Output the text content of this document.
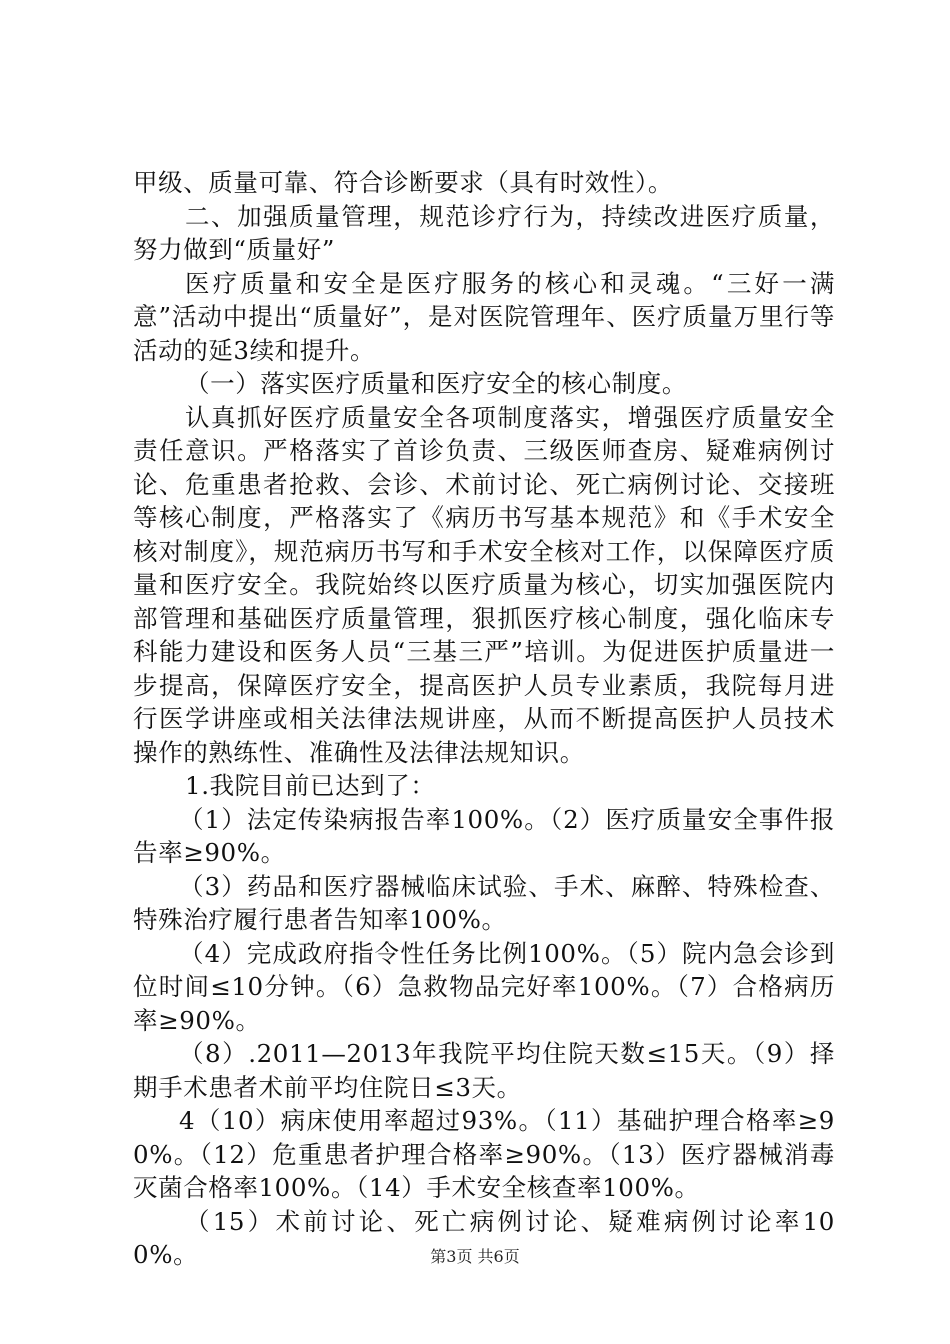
甲级、质量可靠、符合诊断要求（具有时效性）。

二、加强质量管理，规范诊疗行为，持续改进医疗质量，努力做到“质量好”

医疗质量和安全是医疗服务的核心和灵魂。“三好一满意”活动中提出“质量好”，是对医院管理年、医疗质量万里行等活动的延3续和提升。

（一）落实医疗质量和医疗安全的核心制度。

认真抓好医疗质量安全各项制度落实，增强医疗质量安全责任意识。严格落实了首诊负责、三级医师查房、疑难病例讨论、危重患者抢救、会诊、术前讨论、死亡病例讨论、交接班等核心制度，严格落实了《病历书写基本规范》和《手术安全核对制度》，规范病历书写和手术安全核对工作，以保障医疗质量和医疗安全。我院始终以医疗质量为核心，切实加强医院内部管理和基础医疗质量管理，狠抓医疗核心制度，强化临床专科能力建设和医务人员“三基三严”培训。为促进医护质量进一步提高，保障医疗安全，提高医护人员专业素质，我院每月进行医学讲座或相关法律法规讲座，从而不断提高医护人员技术操作的熟练性、准确性及法律法规知识。

1.我院目前已达到了：

（1）法定传染病报告率100%。（2）医疗质量安全事件报告率≥90%。

（3）药品和医疗器械临床试验、手术、麻醉、特殊检查、特殊治疗履行患者告知率100%。

（4）完成政府指令性任务比例100%。（5）院内急会诊到位时间≤10分钟。（6）急救物品完好率100%。（7）合格病历率≥90%。

（8）.2011—2013年我院平均住院天数≤15天。（9）择期手术患者术前平均住院日≤3天。

4（10）病床使用率超过93%。（11）基础护理合格率≥90%。（12）危重患者护理合格率≥90%。（13）医疗器械消毒灭菌合格率100%。（14）手术安全核查率100%。

（15）术前讨论、死亡病例讨论、疑难病例讨论率100%。	第3页 共6页
